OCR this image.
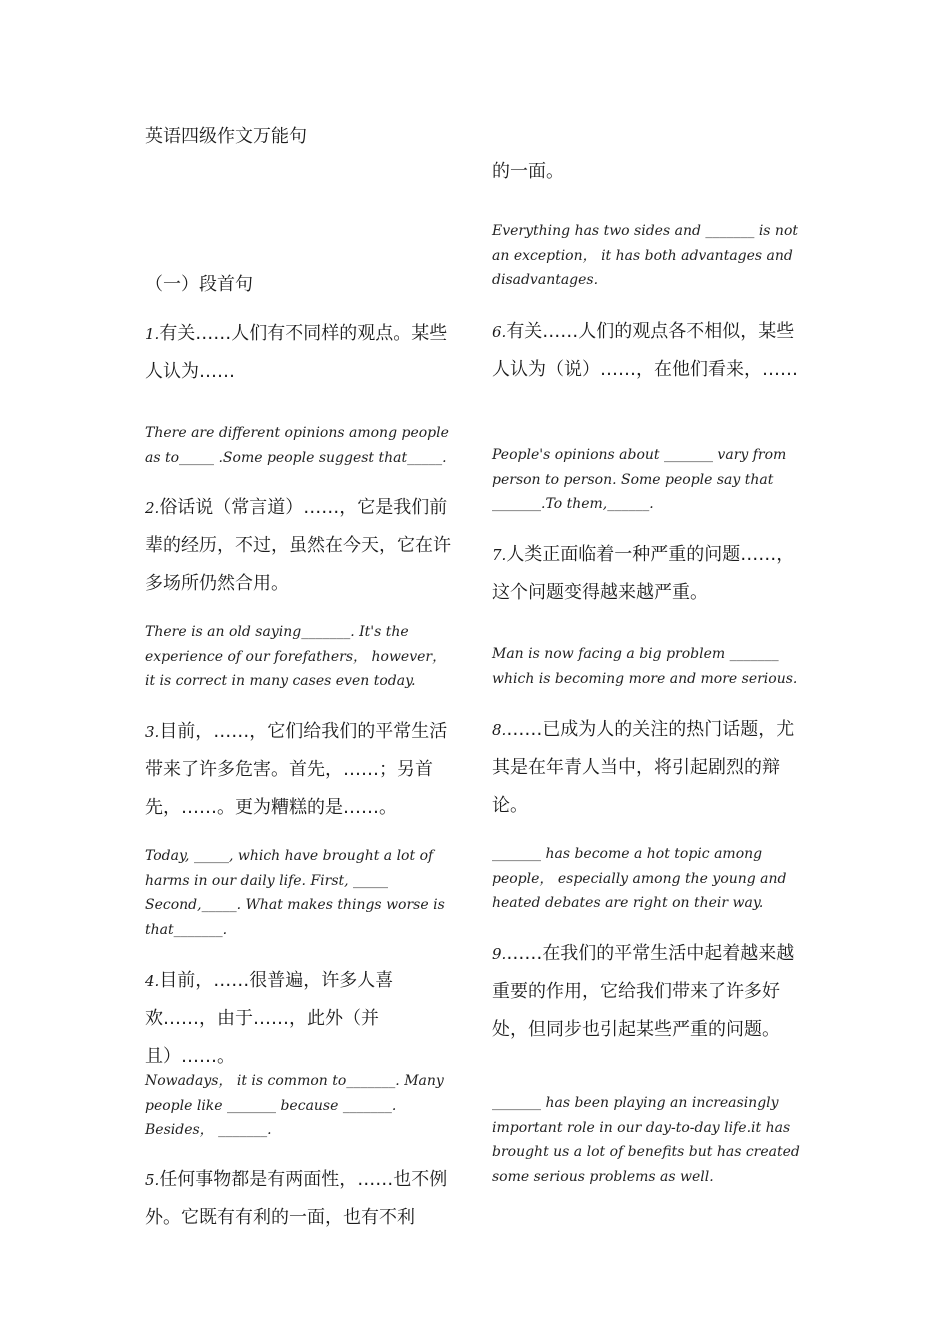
英语四级作文万能句
（一）段首句
1.有关……人们有不同样的观点。某些人认为……
There are different opinions among people as to_____ .Some people suggest that_____.
2.俗话说（常言道）……，它是我们前辈的经历，不过，虽然在今天，它在许多场所仍然合用。
There is an old saying_______. It's the experience of our forefathers， however， it is correct in many cases even today.
3.目前，……，它们给我们的平常生活带来了许多危害。首先，……；另首先，……。更为糟糕的是……。
Today, _____, which have brought a lot of harms in our daily life. First, _____ Second,_____. What makes things worse is that_______.
4.目前，……很普遍，许多人喜欢……，由于……，此外（并且）……。
Nowadays， it is common to_______. Many people like _______ because _______. Besides， _______.
5.任何事物都是有两面性，……也不例外。它既有有利的一面，也有不利
的一面。
Everything has two sides and _______ is not an exception， it has both advantages and disadvantages.
6.有关……人们的观点各不相似，某些人认为（说）……，在他们看来，……
People's opinions about _______ vary from person to person. Some people say that _______.To them,______.
7.人类正面临着一种严重的问题……，这个问题变得越来越严重。
Man is now facing a big problem _______ which is becoming more and more serious.
8.……已成为人的关注的热门话题，尤其是在年青人当中，将引起剧烈的辩论。
_______ has become a hot topic among people， especially among the young and heated debates are right on their way.
9.……在我们的平常生活中起着越来越重要的作用，它给我们带来了许多好处，但同步也引起某些严重的问题。
_______ has been playing an increasingly important role in our day-to-day life.it has brought us a lot of benefits but has created some serious problems as well.
